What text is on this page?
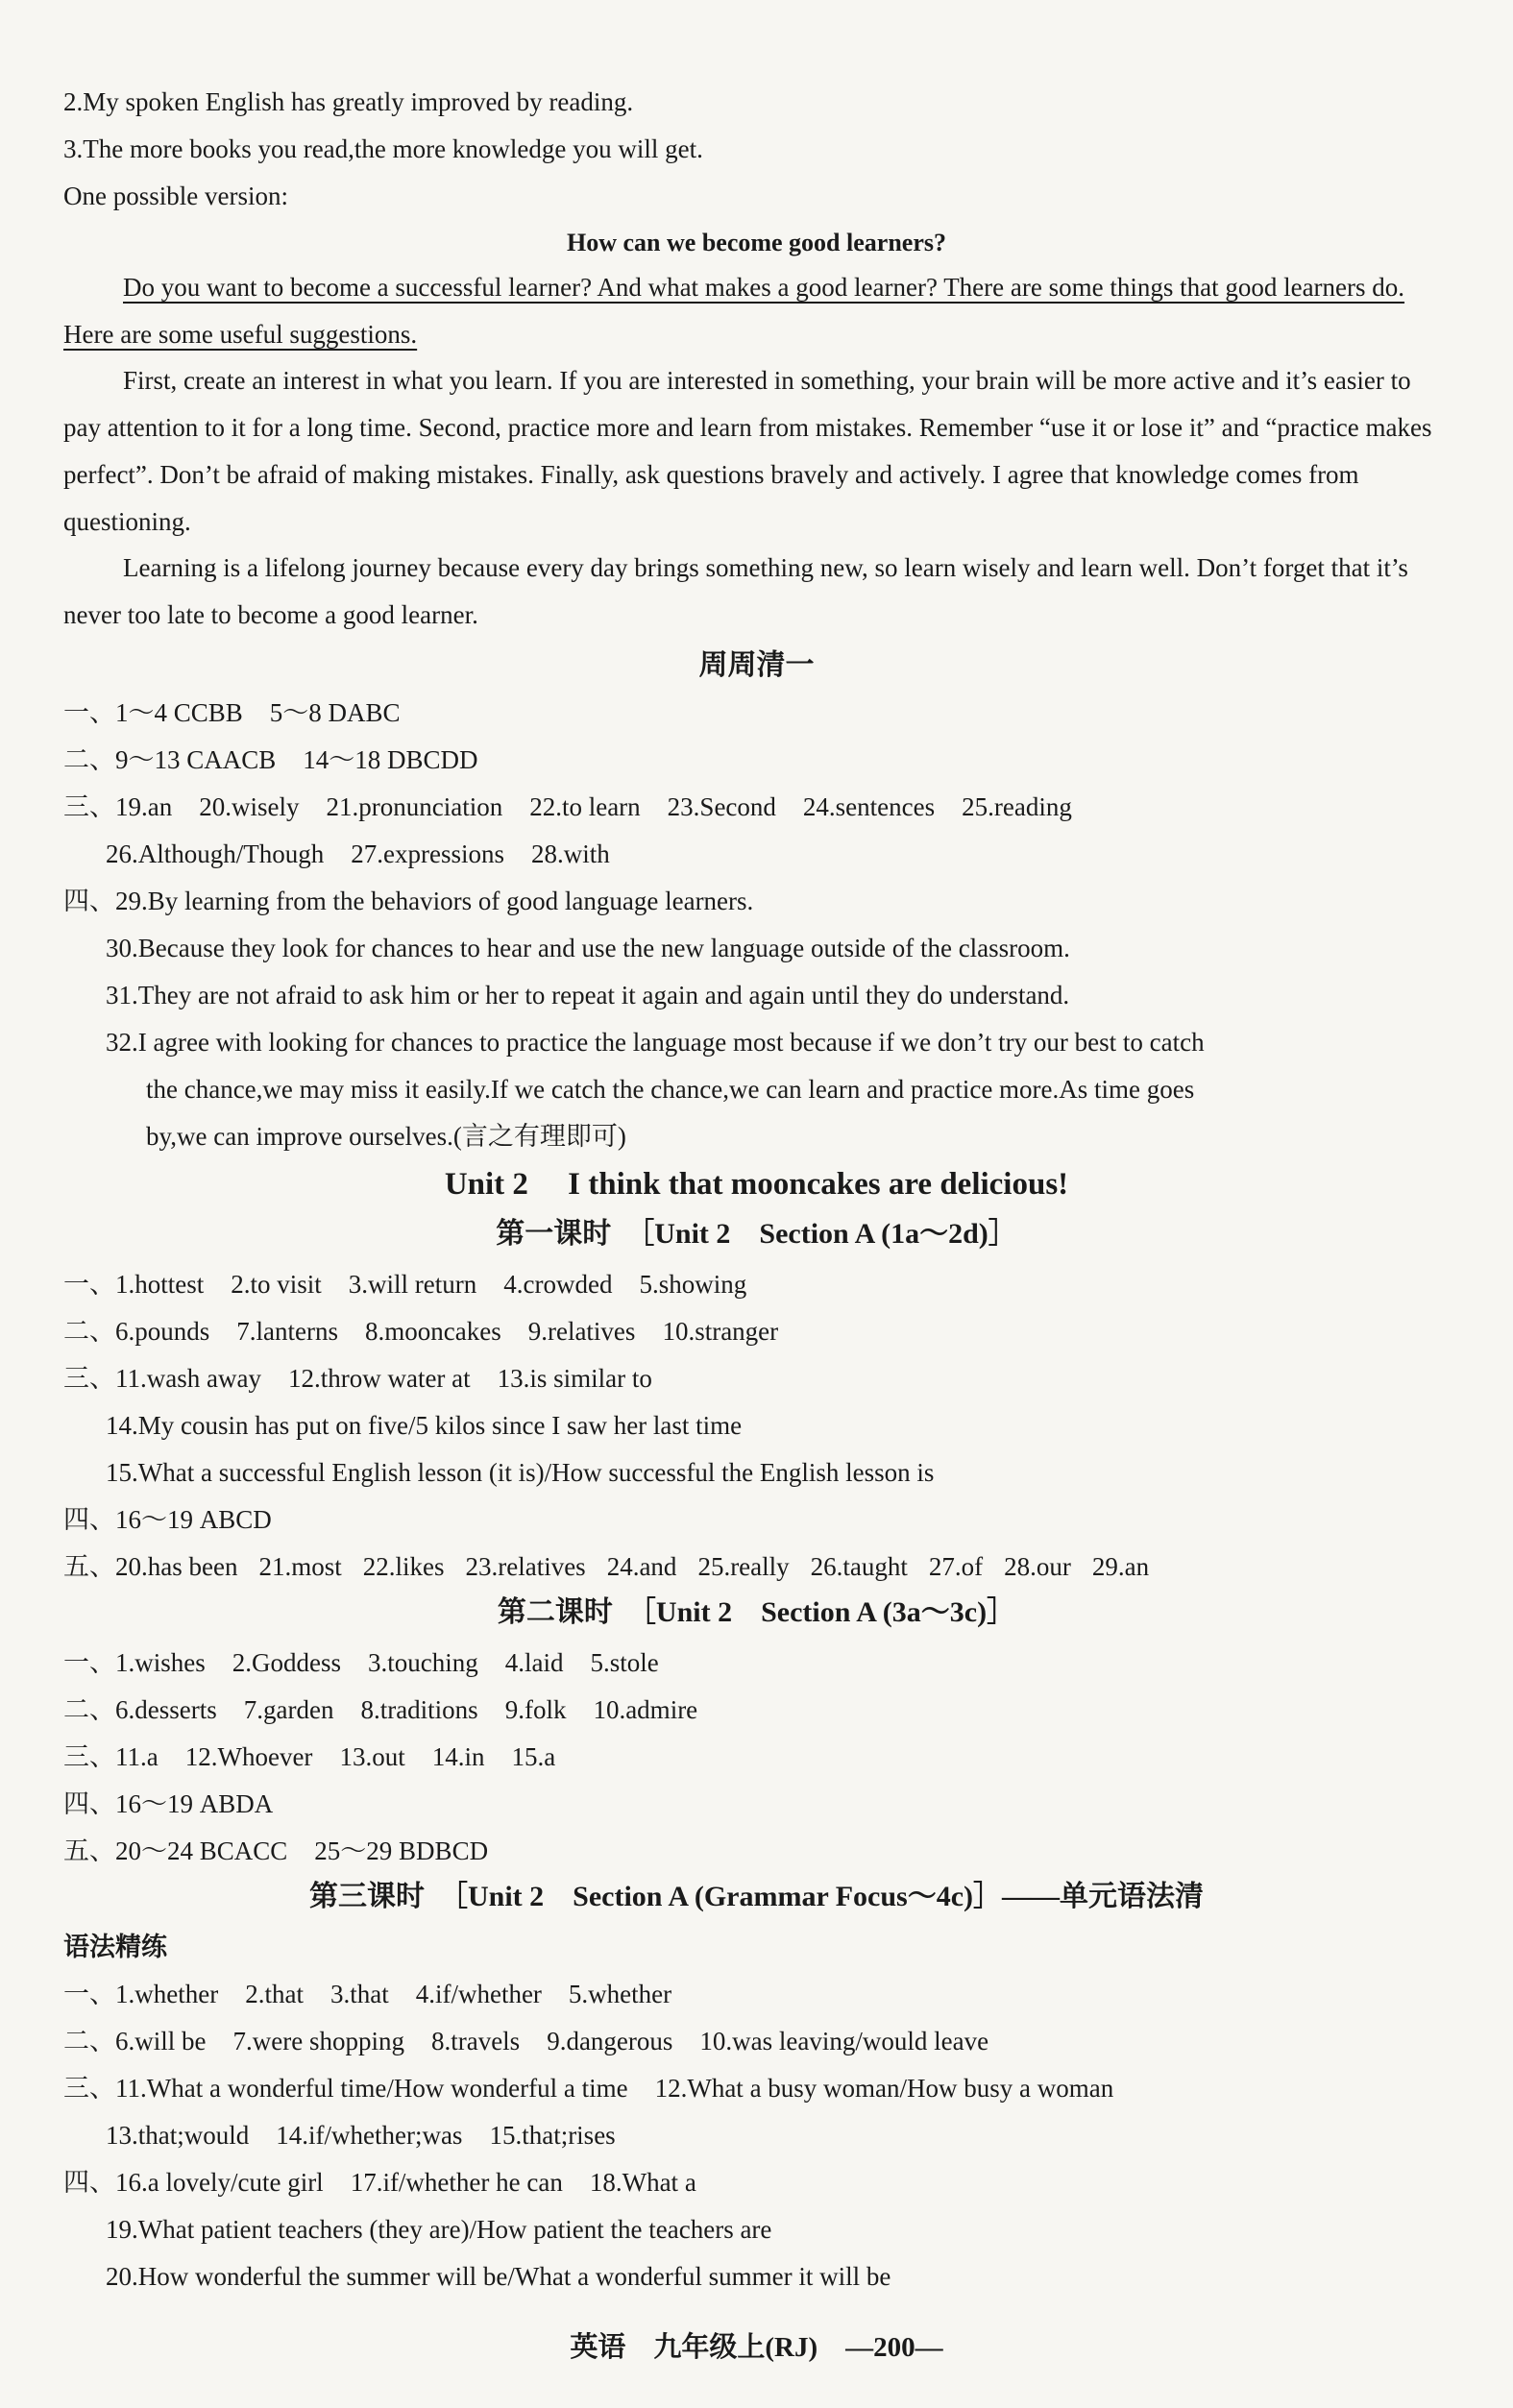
2.My spoken English has greatly improved by reading.
3.The more books you read,the more knowledge you will get.
One possible version:
How can we become good learners?
Do you want to become a successful learner? And what makes a good learner? There are some things that good learners do. Here are some useful suggestions.
First, create an interest in what you learn. If you are interested in something, your brain will be more active and it’s easier to pay attention to it for a long time. Second, practice more and learn from mistakes. Remember “use it or lose it” and “practice makes perfect”. Don’t be afraid of making mistakes. Finally, ask questions bravely and actively. I agree that knowledge comes from questioning.
Learning is a lifelong journey because every day brings something new, so learn wisely and learn well. Don’t forget that it’s never too late to become a good learner.
周周清一
一、1～4 CCBB 5～8 DABC
二、9～13 CAACB 14～18 DBCDD
三、19.an 20.wisely 21.pronunciation 22.to learn 23.Second 24.sentences 25.reading
26.Although/Though 27.expressions 28.with
四、29.By learning from the behaviors of good language learners.
30.Because they look for chances to hear and use the new language outside of the classroom.
31.They are not afraid to ask him or her to repeat it again and again until they do understand.
32.I agree with looking for chances to practice the language most because if we don’t try our best to catch
the chance,we may miss it easily.If we catch the chance,we can learn and practice more.As time goes
by,we can improve ourselves.(言之有理即可)
Unit 2　 I think that mooncakes are delicious!
第一课时　［Unit 2　Section A (1a～2d)］
一、1.hottest 2.to visit 3.will return 4.crowded 5.showing
二、6.pounds 7.lanterns 8.mooncakes 9.relatives 10.stranger
三、11.wash away 12.throw water at 13.is similar to
14.My cousin has put on five/5 kilos since I saw her last time
15.What a successful English lesson (it is)/How successful the English lesson is
四、16～19 ABCD
五、20.has been 21.most 22.likes 23.relatives 24.and 25.really 26.taught 27.of 28.our 29.an
第二课时　［Unit 2　Section A (3a～3c)］
一、1.wishes 2.Goddess 3.touching 4.laid 5.stole
二、6.desserts 7.garden 8.traditions 9.folk 10.admire
三、11.a 12.Whoever 13.out 14.in 15.a
四、16～19 ABDA
五、20～24 BCACC 25～29 BDBCD
第三课时　［Unit 2　Section A (Grammar Focus～4c)］——单元语法清
语法精练
一、1.whether 2.that 3.that 4.if/whether 5.whether
二、6.will be 7.were shopping 8.travels 9.dangerous 10.was leaving/would leave
三、11.What a wonderful time/How wonderful a time 12.What a busy woman/How busy a woman
13.that;would 14.if/whether;was 15.that;rises
四、16.a lovely/cute girl 17.if/whether he can 18.What a
19.What patient teachers (they are)/How patient the teachers are
20.How wonderful the summer will be/What a wonderful summer it will be
英语　九年级上(RJ)　—200—
